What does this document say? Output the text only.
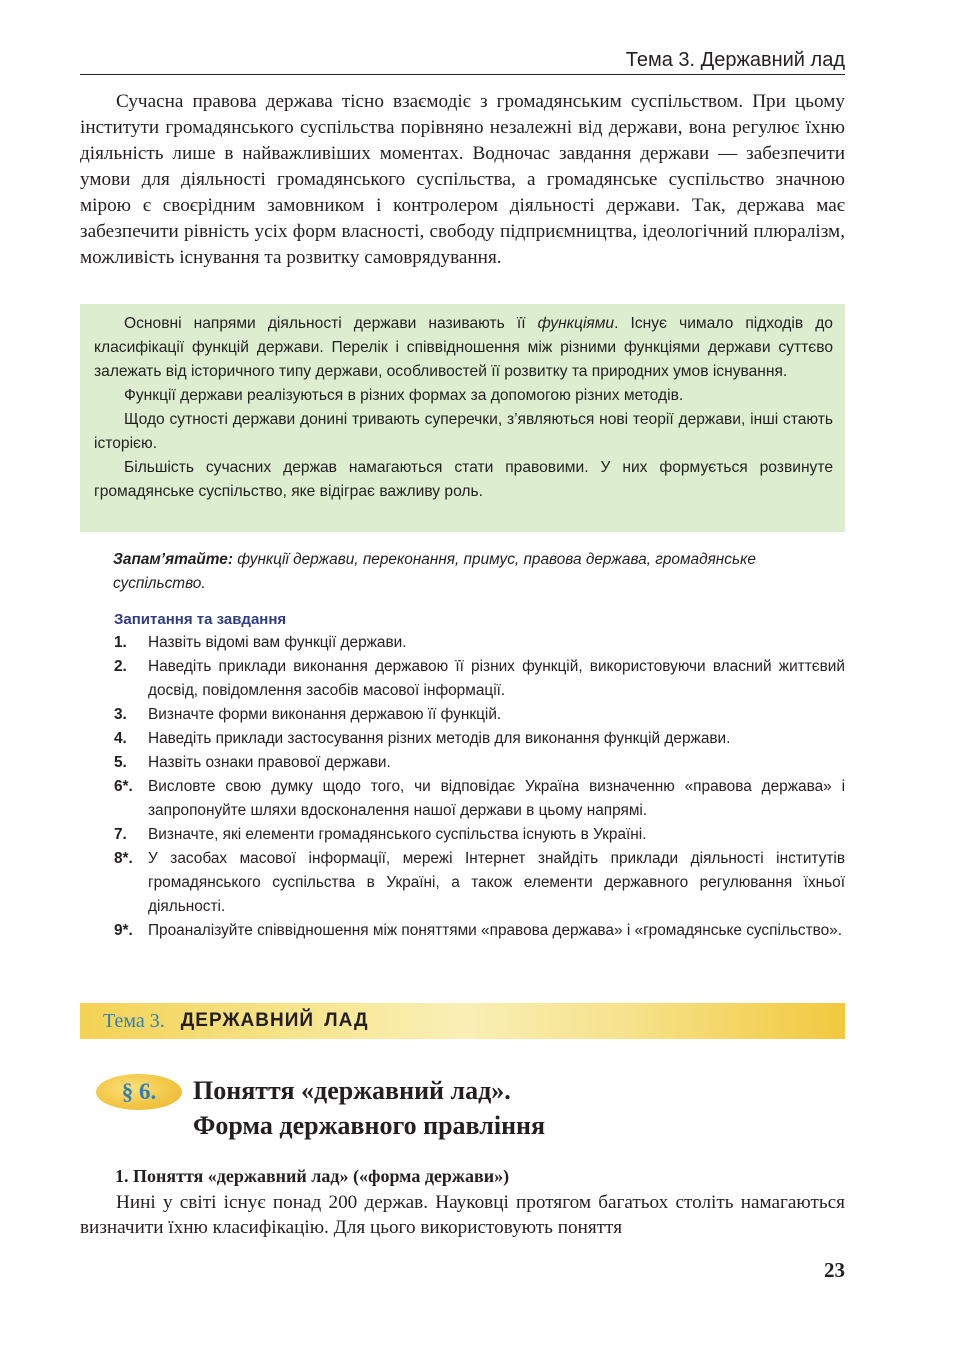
Тема 3. Державний лад

Сучасна правова держава тісно взаємодіє з громадянським суспільством. При цьому інститути громадянського суспільства порівняно незалежні від держави, вона регулює їхню діяльність лише в найважливіших моментах. Водночас завдання держави — забезпечити умови для діяльності громадянського суспільства, а громадянське суспільство значною мірою є своєрідним замовником і контролером діяльності держави. Так, держава має забезпечити рівність усіх форм власності, свободу підприємництва, ідеологічний плюралізм, можливість існування та розвитку самоврядування.

Основні напрями діяльності держави називають її функціями. Існує чимало підходів до класифікації функцій держави. Перелік і співвідношення між різними функціями держави суттєво залежать від історичного типу держави, особливостей її розвитку та природних умов існування.

Функції держави реалізуються в різних формах за допомогою різних методів.

Щодо сутності держави донині тривають суперечки, з’являються нові теорії держави, інші стають історією.

Більшість сучасних держав намагаються стати правовими. У них формується розвинуте громадянське суспільство, яке відіграє важливу роль.

Запам’ятайте: функції держави, переконання, примус, правова держава, громадянське суспільство.

Запитання та завдання
1.	Назвіть відомі вам функції держави.
2.	Наведіть приклади виконання державою її різних функцій, використовуючи власний життєвий досвід, повідомлення засобів масової інформації.
3.	Визначте форми виконання державою її функцій.
4.	Наведіть приклади застосування різних методів для виконання функцій держави.
5.	Назвіть ознаки правової держави.
6*. Висловте свою думку щодо того, чи відповідає Україна визначенню «правова держава» і запропонуйте шляхи вдосконалення нашої держави в цьому напрямі.
7.	Визначте, які елементи громадянського суспільства існують в Україні.
8*. У засобах масової інформації, мережі Інтернет знайдіть приклади діяльності інститутів громадянського суспільства в Україні, а також елементи державного регулювання їхньої діяльності.
9*. Проаналізуйте співвідношення між поняттями «правова держава» і «громадянське суспільство».
Тема 3. ДЕРЖАВНИЙ ЛАД
§ 6.	Поняття «державний лад».
Форма державного правління
1. Поняття «державний лад» («форма держави»)

Нині у світі існує понад 200 держав. Науковці протягом багатьох століть намагаються визначити їхню класифікацію. Для цього використовують поняття

23
